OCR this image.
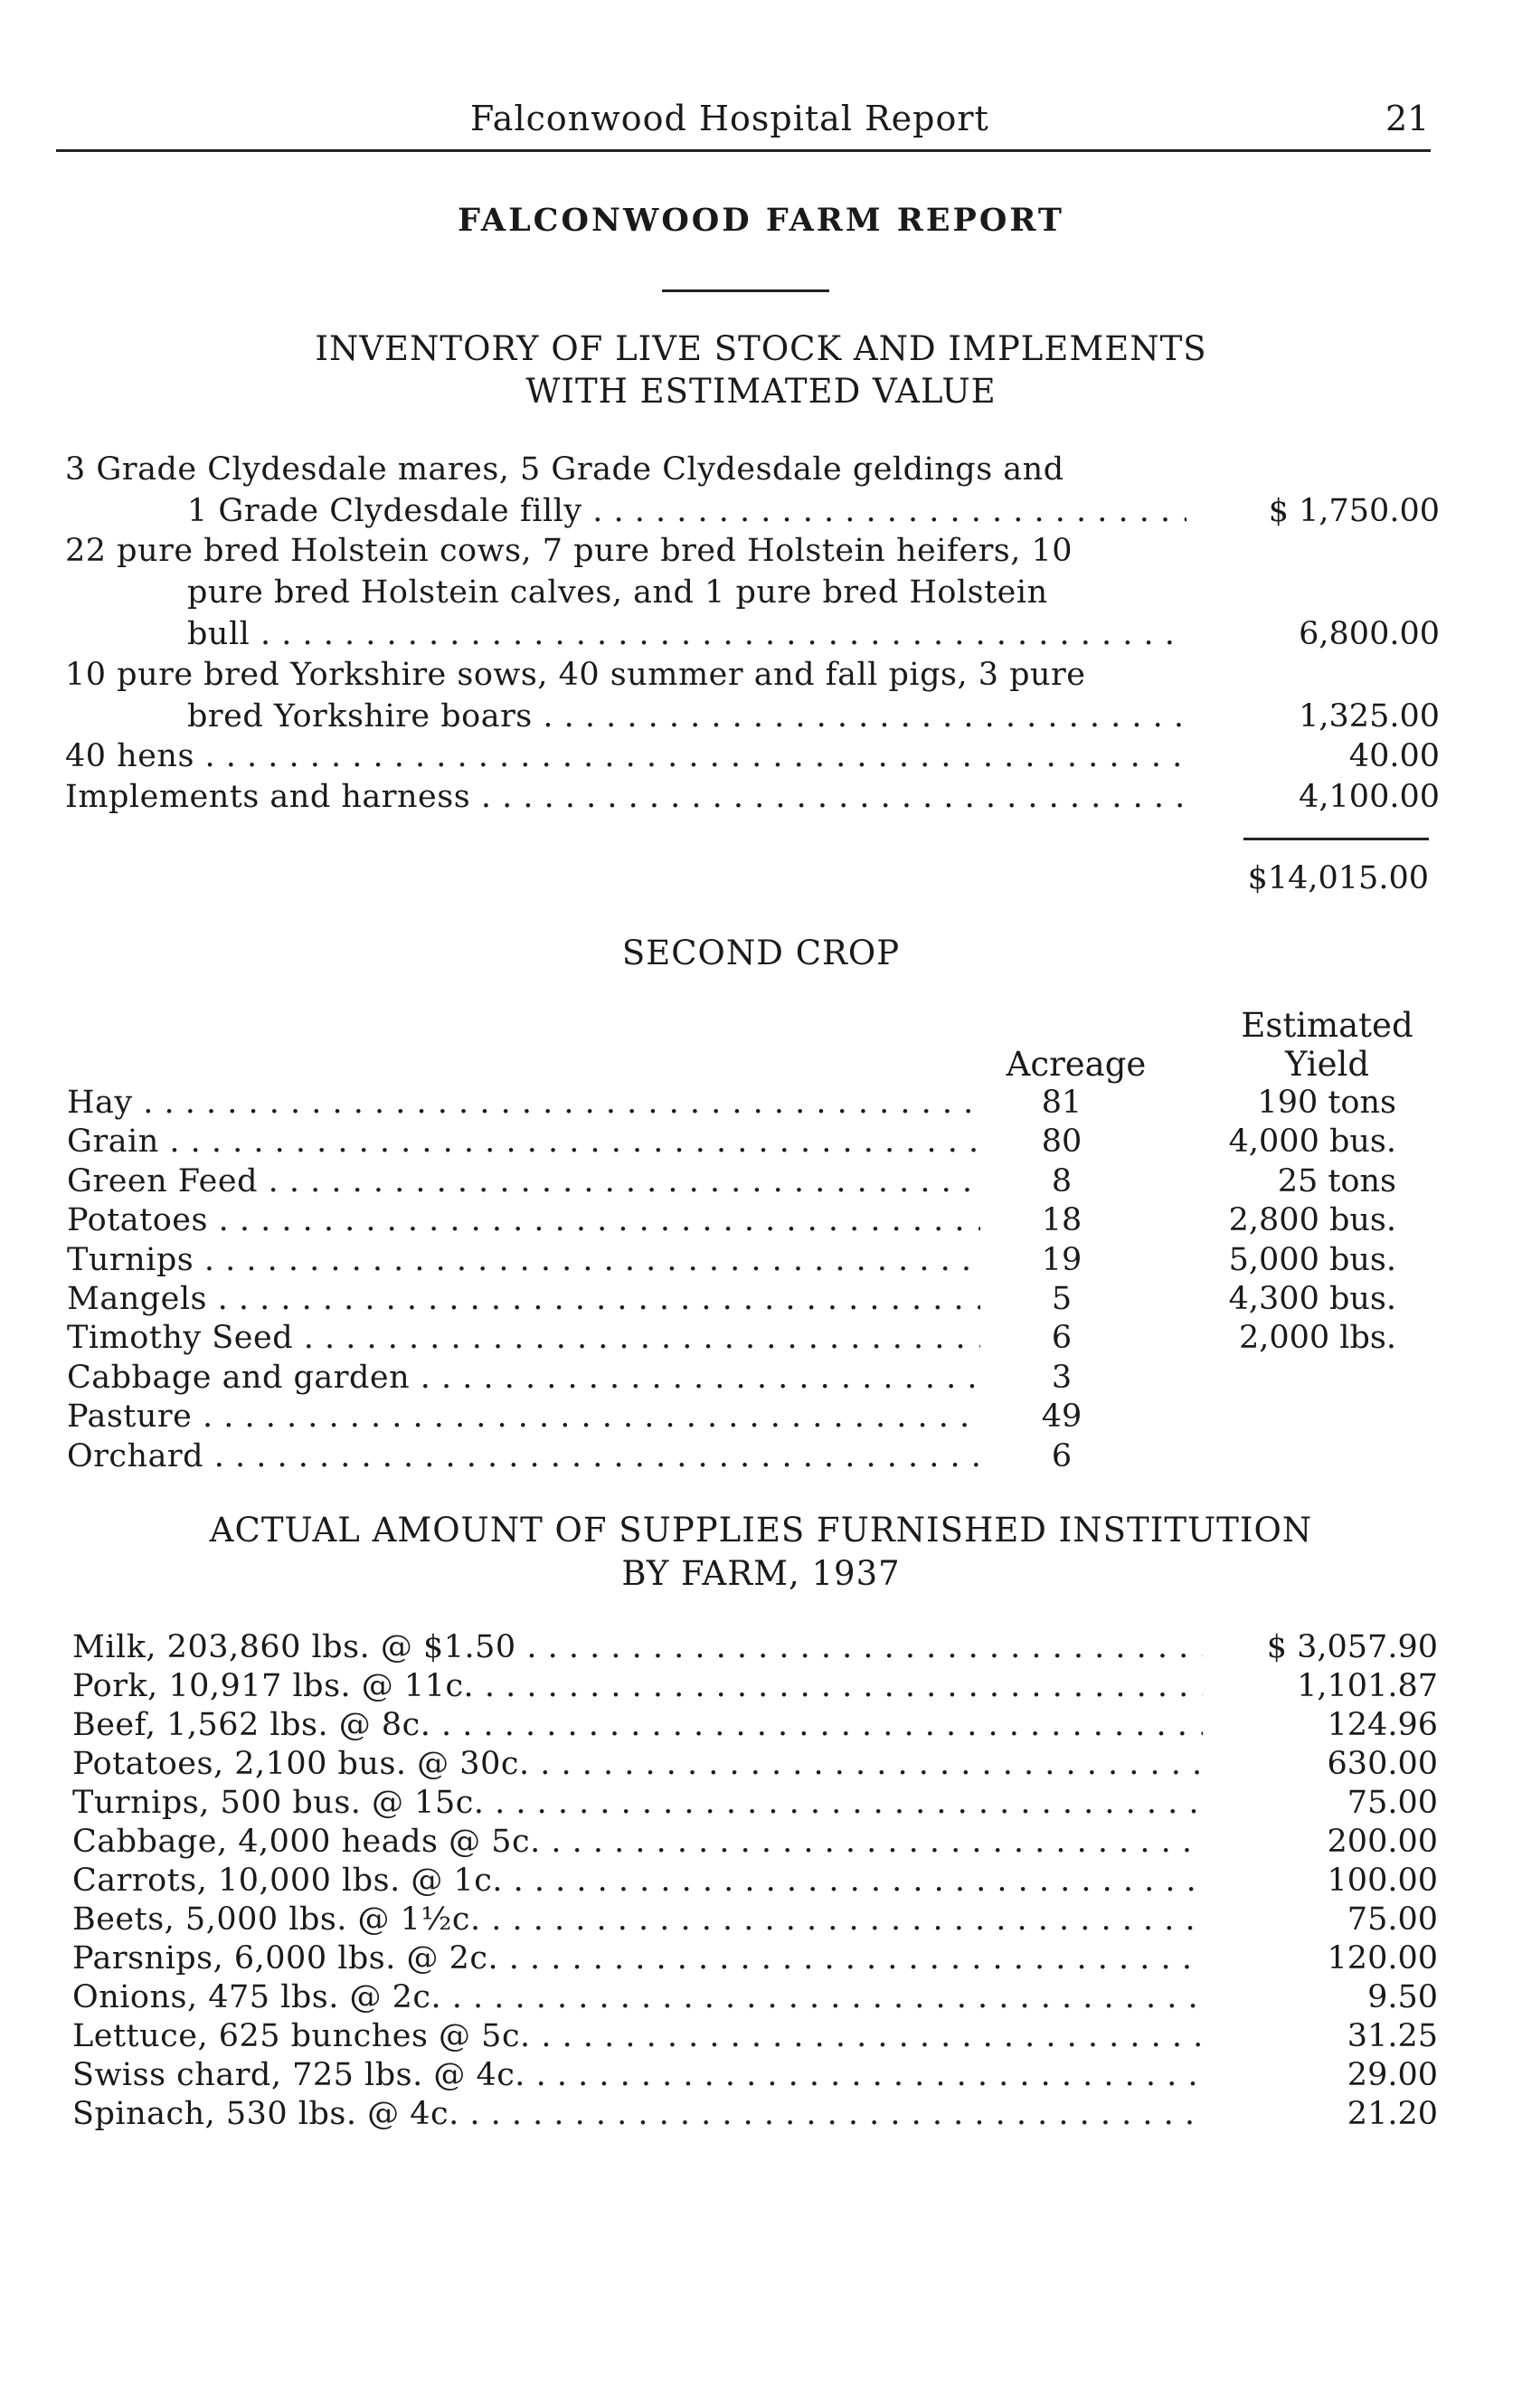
Falconwood Hospital Report	21
FALCONWOOD FARM REPORT
INVENTORY OF LIVE STOCK AND IMPLEMENTS
WITH ESTIMATED VALUE
3 Grade Clydesdale mares, 5 Grade Clydesdale geldings and
1 Grade Clydesdale filly . . .	$ 1,750.00
22 pure bred Holstein cows, 7 pure bred Holstein heifers, 10
pure bred Holstein calves, and 1 pure bred Holstein
bull . . .	6,800.00
10 pure bred Yorkshire sows, 40 summer and fall pigs, 3 pure
bred Yorkshire boars . . .	1,325.00
40 hens . . .	40.00
Implements and harness . . .	4,100.00
$14,015.00
SECOND CROP
Acreage
Estimated
Yield
Hay . . .	81	190 tons
Grain . . .	80	4,000 bus.
Green Feed . . .	8	25 tons
Potatoes . . .	18	2,800 bus.
Turnips . . .	19	5,000 bus.
Mangels . . .	5	4,300 bus.
Timothy Seed . . .	6	2,000 lbs.
Cabbage and garden . . .	3
Pasture . . .	49
Orchard . . .	6
ACTUAL AMOUNT OF SUPPLIES FURNISHED INSTITUTION
BY FARM, 1937
Milk, 203,860 lbs. @ $1.50 . . .	$ 3,057.90
Pork, 10,917 lbs. @ 11c. . . .	1,101.87
Beef, 1,562 lbs. @ 8c. . . .	124.96
Potatoes, 2,100 bus. @ 30c. . . .	630.00
Turnips, 500 bus. @ 15c. . . .	75.00
Cabbage, 4,000 heads @ 5c. . . .	200.00
Carrots, 10,000 lbs. @ 1c. . . .	100.00
Beets, 5,000 lbs. @ 1½c. . . .	75.00
Parsnips, 6,000 lbs. @ 2c. . . .	120.00
Onions, 475 lbs. @ 2c. . . .	9.50
Lettuce, 625 bunches @ 5c. . . .	31.25
Swiss chard, 725 lbs. @ 4c. . . .	29.00
Spinach, 530 lbs. @ 4c. . . .	21.20
